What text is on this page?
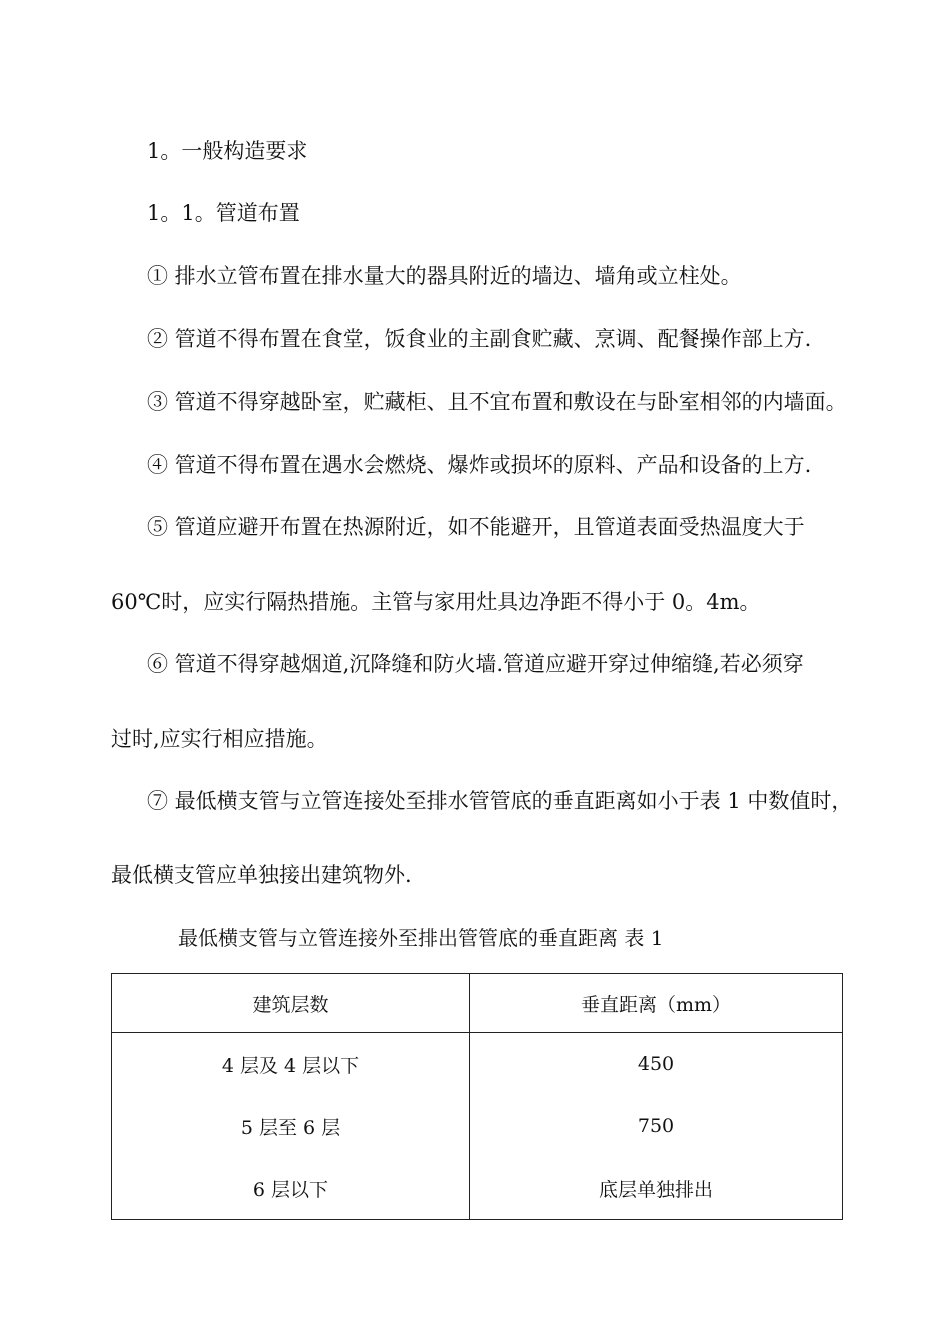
1。一般构造要求
1。1。管道布置
① 排水立管布置在排水量大的器具附近的墙边、墙角或立柱处。
② 管道不得布置在食堂，饭食业的主副食贮藏、烹调、配餐操作部上方.
③ 管道不得穿越卧室，贮藏柜、且不宜布置和敷设在与卧室相邻的内墙面。
④ 管道不得布置在遇水会燃烧、爆炸或损坏的原料、产品和设备的上方.
⑤ 管道应避开布置在热源附近，如不能避开，且管道表面受热温度大于
60℃时，应实行隔热措施。主管与家用灶具边净距不得小于 0。4m。
⑥ 管道不得穿越烟道,沉降缝和防火墙.管道应避开穿过伸缩缝,若必须穿
过时,应实行相应措施。
⑦ 最低横支管与立管连接处至排水管管底的垂直距离如小于表 1 中数值时，
最低横支管应单独接出建筑物外.
最低横支管与立管连接外至排出管管底的垂直距离 表 1
建筑层数	垂直距离（mm）
4 层及 4 层以下	450
5 层至 6 层	750
6 层以下	底层单独排出
